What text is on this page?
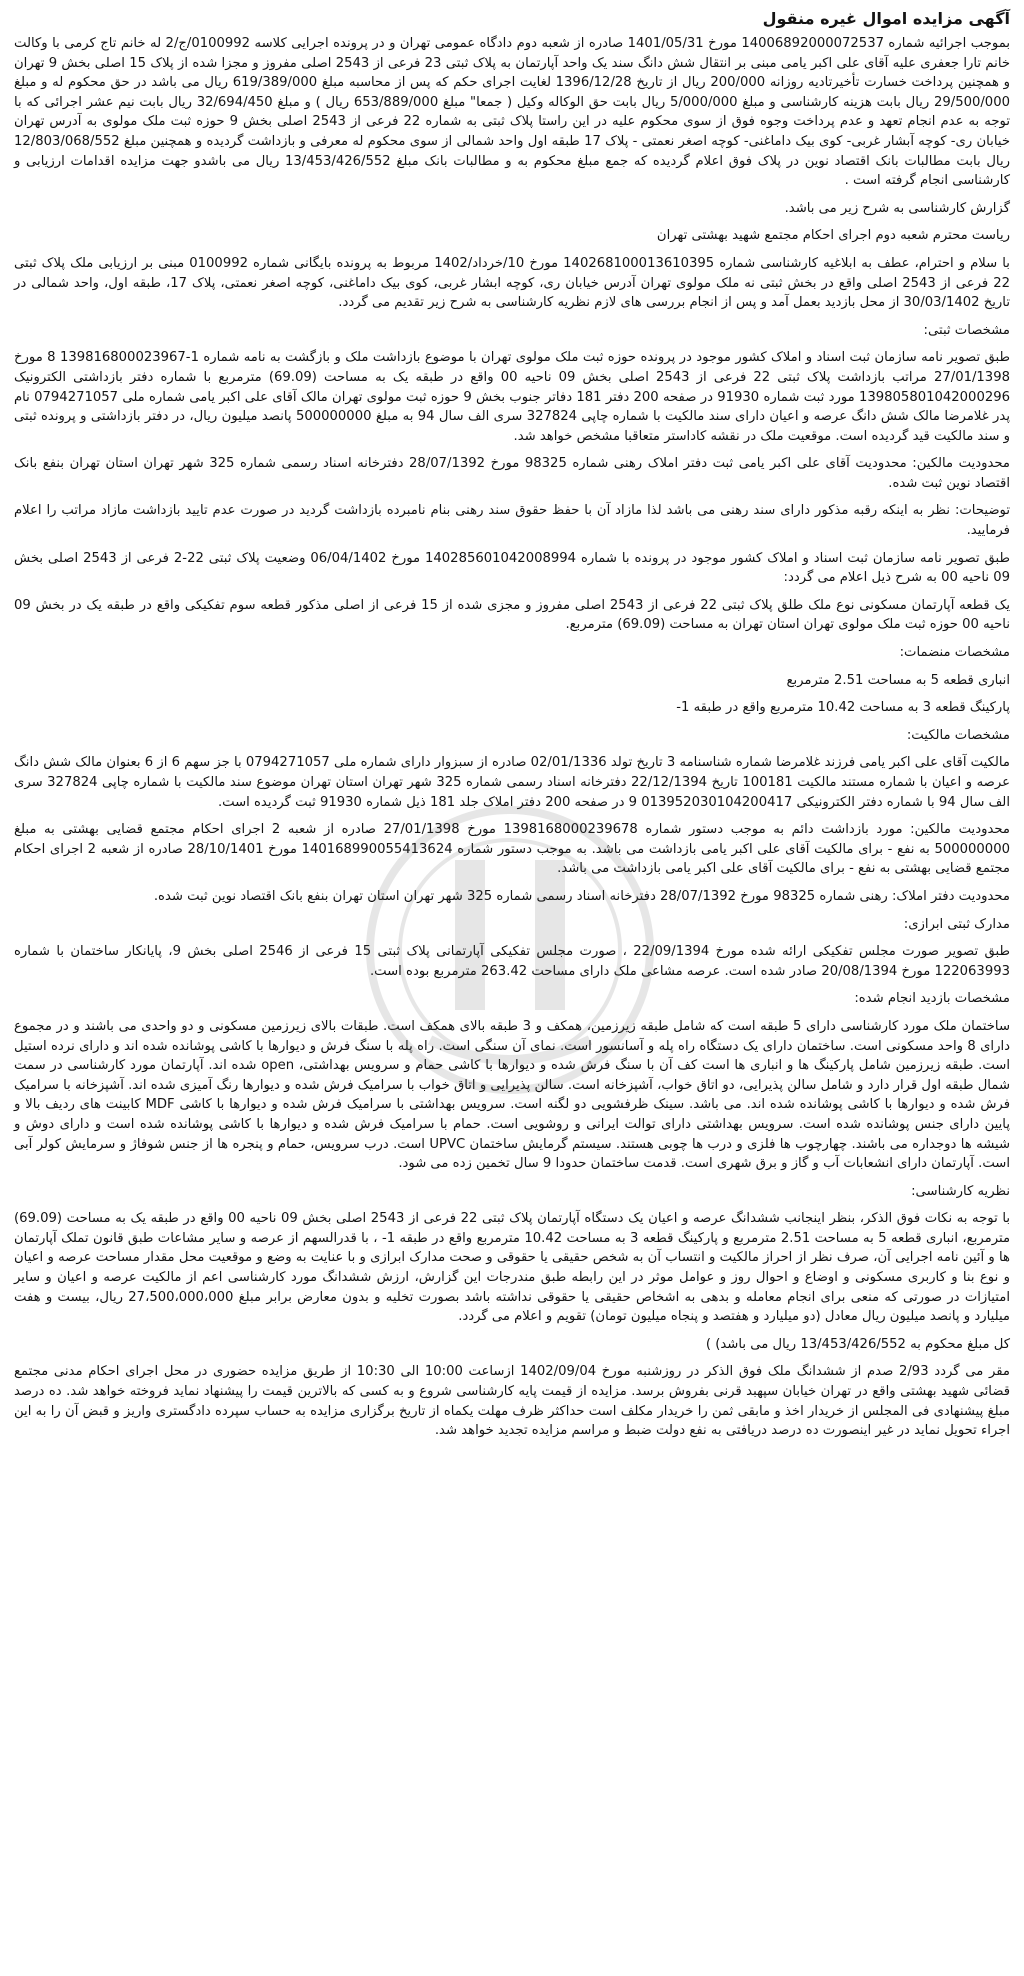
آگهی مزایده اموال غیره منقول

بموجب اجرائیه شماره 14006892000072537 مورخ 1401/05/31 صادره از شعبه دوم دادگاه عمومی تهران و در پرونده اجرایی کلاسه 0100992/ج/2 له خانم تاج کرمی با وکالت خانم تارا جعفری علیه آقای علی اکبر یامی مبنی بر انتقال شش دانگ سند یک واحد آپارتمان به پلاک ثبتی 23 فرعی از 2543 اصلی مفروز و مجزا شده از پلاک 15 اصلی بخش 9 تهران و همچنین پرداخت خسارت تأخیرتادیه روزانه 200/000 ریال از تاریخ 1396/12/28 لغایت اجرای حکم که پس از محاسبه مبلغ 619/389/000 ریال می باشد در حق محکوم له و مبلغ 29/500/000 ریال بابت هزینه کارشناسی و مبلغ 5/000/000 ریال بابت حق الوکاله وکیل ( جمعا" مبلغ 653/889/000 ریال ) و مبلغ 32/694/450 ریال بابت نیم عشر اجرائی که با توجه به عدم انجام تعهد و عدم پرداخت وجوه فوق از سوی محکوم علیه در این راستا پلاک ثبتی به شماره 22 فرعی از 2543 اصلی بخش 9 حوزه ثبت ملک مولوی به آدرس تهران خیابان ری- کوچه آبشار غربی- کوی بیک داماغنی- کوچه اصغر نعمتی - پلاک 17 طبقه اول واحد شمالی از سوی محکوم له معرفی و بازداشت گردیده و همچنین مبلغ 12/803/068/552 ریال بابت مطالبات بانک اقتصاد نوین در پلاک فوق اعلام گردیده که جمع مبلغ محکوم به و مطالبات بانک مبلغ 13/453/426/552 ریال می باشدو جهت مزایده اقدامات ارزیابی و کارشناسی انجام گرفته است .

گزارش کارشناسی به شرح زیر می باشد.

ریاست محترم شعبه دوم اجرای احکام مجتمع شهید بهشتی تهران

با سلام و احترام، عطف به ابلاغیه کارشناسی شماره 140268100013610395 مورخ 10/خرداد/1402 مربوط به پرونده بایگانی شماره 0100992 مبنی بر ارزیابی ملک پلاک ثبتی 22 فرعی از 2543 اصلی واقع در بخش ثبتی نه ملک مولوی تهران آدرس خیابان ری، کوچه ابشار غربی، کوی بیک داماغنی، کوچه اصغر نعمتی، پلاک 17، طبقه اول، واحد شمالی در تاریخ 30/03/1402 از محل بازدید بعمل آمد و پس از انجام بررسی های لازم نظریه کارشناسی به شرح زیر تقدیم می گردد.

مشخصات ثبتی:

طبق تصویر نامه سازمان ثبت اسناد و املاک کشور موجود در پرونده حوزه ثبت ملک مولوی تهران با موضوع بازداشت ملک و بازگشت به نامه شماره 1-139816800023967 8 مورخ 27/01/1398 مراتب بازداشت پلاک ثبتی 22 فرعی از 2543 اصلی بخش 09 ناحیه 00 واقع در طبقه یک به مساحت (69.09) مترمربع با شماره دفتر بازداشتی الکترونیک 139805801042000296 مورد ثبت شماره 91930 در صفحه 200 دفتر 181 دفاتر جنوب بخش 9 حوزه ثبت مولوی تهران مالک آقای علی اکبر یامی شماره ملی 0794271057 نام پدر غلامرضا مالک شش دانگ عرصه و اعیان دارای سند مالکیت با شماره چاپی 327824 سری الف سال 94 به مبلغ 500000000 پانصد میلیون ریال، در دفتر بازداشتی و پرونده ثبتی و سند مالکیت قید گردیده است. موقعیت ملک در نقشه کاداستر متعاقبا مشخص خواهد شد.

محدودیت مالکین: محدودیت آقای علی اکبر یامی ثبت دفتر املاک رهنی شماره 98325 مورخ 28/07/1392 دفترخانه اسناد رسمی شماره 325 شهر تهران استان تهران بنفع بانک اقتصاد نوین ثبت شده.

توضیحات: نظر به اینکه رقبه مذکور دارای سند رهنی می باشد لذا مازاد آن با حفظ حقوق سند رهنی بنام نامبرده بازداشت گردید در صورت عدم تایید بازداشت مازاد مراتب را اعلام فرمایید.

طبق تصویر نامه سازمان ثبت اسناد و املاک کشور موجود در پرونده با شماره 140285601042008994 مورخ 06/04/1402 وضعیت پلاک ثبتی 22-2 فرعی از 2543 اصلی بخش 09 ناحیه 00 به شرح ذیل اعلام می گردد:

یک قطعه آپارتمان مسکونی نوع ملک طلق پلاک ثبتی 22 فرعی از 2543 اصلی مفروز و مجزی شده از 15 فرعی از اصلی مذکور قطعه سوم تفکیکی واقع در طبقه یک در بخش 09 ناحیه 00 حوزه ثبت ملک مولوی تهران استان تهران به مساحت (69.09) مترمربع.

مشخصات منضمات:

انباری قطعه 5 به مساحت 2.51 مترمربع

پارکینگ قطعه 3 به مساحت 10.42 مترمربع واقع در طبقه 1-

مشخصات مالکیت:

مالکیت آقای علی اکبر یامی فرزند غلامرضا شماره شناسنامه 3 تاریخ تولد 02/01/1336 صادره از سبزوار دارای شماره ملی 0794271057 با جز سهم 6 از 6 بعنوان مالک شش دانگ عرصه و اعیان با شماره مستند مالکیت 100181 تاریخ 22/12/1394 دفترخانه اسناد رسمی شماره 325 شهر تهران استان تهران موضوع سند مالکیت با شماره چاپی 327824 سری الف سال 94 با شماره دفتر الکترونیکی 013952030104200417 9 در صفحه 200 دفتر املاک جلد 181 ذیل شماره 91930 ثبت گردیده است.

محدودیت مالکین: مورد بازداشت دائم به موجب دستور شماره 1398168000239678 مورخ 27/01/1398 صادره از شعبه 2 اجرای احکام مجتمع قضایی بهشتی به مبلغ 500000000 به نفع - برای مالکیت آقای علی اکبر یامی بازداشت می باشد. به موجب دستور شماره 140168990055413624 مورخ 28/10/1401 صادره از شعبه 2 اجرای احکام مجتمع قضایی بهشتی به نفع - برای مالکیت آقای علی اکبر یامی بازداشت می باشد.

محدودیت دفتر املاک: رهنی شماره 98325 مورخ 28/07/1392 دفترخانه اسناد رسمی شماره 325 شهر تهران استان تهران بنفع بانک اقتصاد نوین ثبت شده.

مدارک ثبتی ابرازی:

طبق تصویر صورت مجلس تفکیکی ارائه شده مورخ 22/09/1394 ، صورت مجلس تفکیکی آپارتمانی پلاک ثبتی 15 فرعی از 2546 اصلی بخش 9، پایانکار ساختمان با شماره 122063993 مورخ 20/08/1394 صادر شده است. عرصه مشاعی ملک دارای مساحت 263.42 مترمربع بوده است.

مشخصات بازدید انجام شده:

ساختمان ملک مورد کارشناسی دارای 5 طبقه است که شامل طبقه زیرزمین، همکف و 3 طبقه بالای همکف است. طبقات بالای زیرزمین مسکونی و دو واحدی می باشند و در مجموع دارای 8 واحد مسکونی است. ساختمان دارای یک دستگاه راه پله و آسانسور است. نمای آن سنگی است. راه پله با سنگ فرش و دیوارها با کاشی پوشانده شده اند و دارای نرده استیل است. طبقه زیرزمین شامل پارکینگ ها و انباری ها است کف آن با سنگ فرش شده و دیوارها با کاشی حمام و سرویس بهداشتی، open شده اند. آپارتمان مورد کارشناسی در سمت شمال طبقه اول قرار دارد و شامل سالن پذیرایی، دو اتاق خواب، آشپزخانه است. سالن پذیرایی و اتاق خواب با سرامیک فرش شده و دیوارها رنگ آمیزی شده اند. آشپزخانه با سرامیک فرش شده و دیوارها با کاشی پوشانده شده اند. می باشد. سینک ظرفشویی دو لگنه است. سرویس بهداشتی با سرامیک فرش شده و دیوارها با کاشی MDF کابینت های ردیف بالا و پایین دارای جنس پوشانده شده است. سرویس بهداشتی دارای توالت ایرانی و روشویی است. حمام با سرامیک فرش شده و دیوارها با کاشی پوشانده شده است و دارای دوش و شیشه ها دوجداره می باشند. چهارچوب ها فلزی و درب ها چوبی هستند. سیستم گرمایش ساختمان UPVC است. درب سرویس، حمام و پنجره ها از جنس شوفاژ و سرمایش کولر آبی است. آپارتمان دارای انشعابات آب و گاز و برق شهری است. قدمت ساختمان حدودا 9 سال تخمین زده می شود.

نظریه کارشناسی:

با توجه به نکات فوق الذکر، بنظر اینجانب ششدانگ عرصه و اعیان یک دستگاه آپارتمان پلاک ثبتی 22 فرعی از 2543 اصلی بخش 09 ناحیه 00 واقع در طبقه یک به مساحت (69.09) مترمربع، انباری قطعه 5 به مساحت 2.51 مترمربع و پارکینگ قطعه 3 به مساحت 10.42 مترمربع واقع در طبقه 1- ، با قدرالسهم از عرصه و سایر مشاعات طبق قانون تملک آپارتمان ها و آئین نامه اجرایی آن، صرف نظر از احراز مالکیت و انتساب آن به شخص حقیقی یا حقوقی و صحت مدارک ابرازی و با عنایت به وضع و موقعیت محل مقدار مساحت عرصه و اعیان و نوع بنا و کاربری مسکونی و اوضاع و احوال روز و عوامل موثر در این رابطه طبق مندرجات این گزارش، ارزش ششدانگ مورد کارشناسی اعم از مالکیت عرصه و اعیان و سایر امتیازات در صورتی که منعی برای انجام معامله و بدهی به اشخاص حقیقی یا حقوقی نداشته باشد بصورت تخلیه و بدون معارض برابر مبلغ 27،500،000،000 ریال، بیست و هفت میلیارد و پانصد میلیون ریال معادل (دو میلیارد و هفتصد و پنجاه میلیون تومان) تقویم و اعلام می گردد.

کل مبلغ محکوم به 13/453/426/552 ریال می باشد) )

مقر می گردد 2/93 صدم از ششدانگ ملک فوق الذکر در روزشنبه مورخ 1402/09/04 ازساعت 10:00 الی 10:30 از طریق مزایده حضوری در محل اجرای احکام مدنی مجتمع قضائی شهید بهشتی واقع در تهران خیابان سپهبد قرنی بفروش برسد. مزایده از قیمت پایه کارشناسی شروع و به کسی که بالاترین قیمت را پیشنهاد نماید فروخته خواهد شد. ده درصد مبلغ پیشنهادی فی المجلس از خریدار اخذ و مابقی ثمن را خریدار مکلف است حداکثر ظرف مهلت یکماه از تاریخ برگزاری مزایده به حساب سپرده دادگستری واریز و قبض آن را به این اجراء تحویل نماید در غیر اینصورت ده درصد دریافتی به نفع دولت ضبط و مراسم مزایده تجدید خواهد شد.
